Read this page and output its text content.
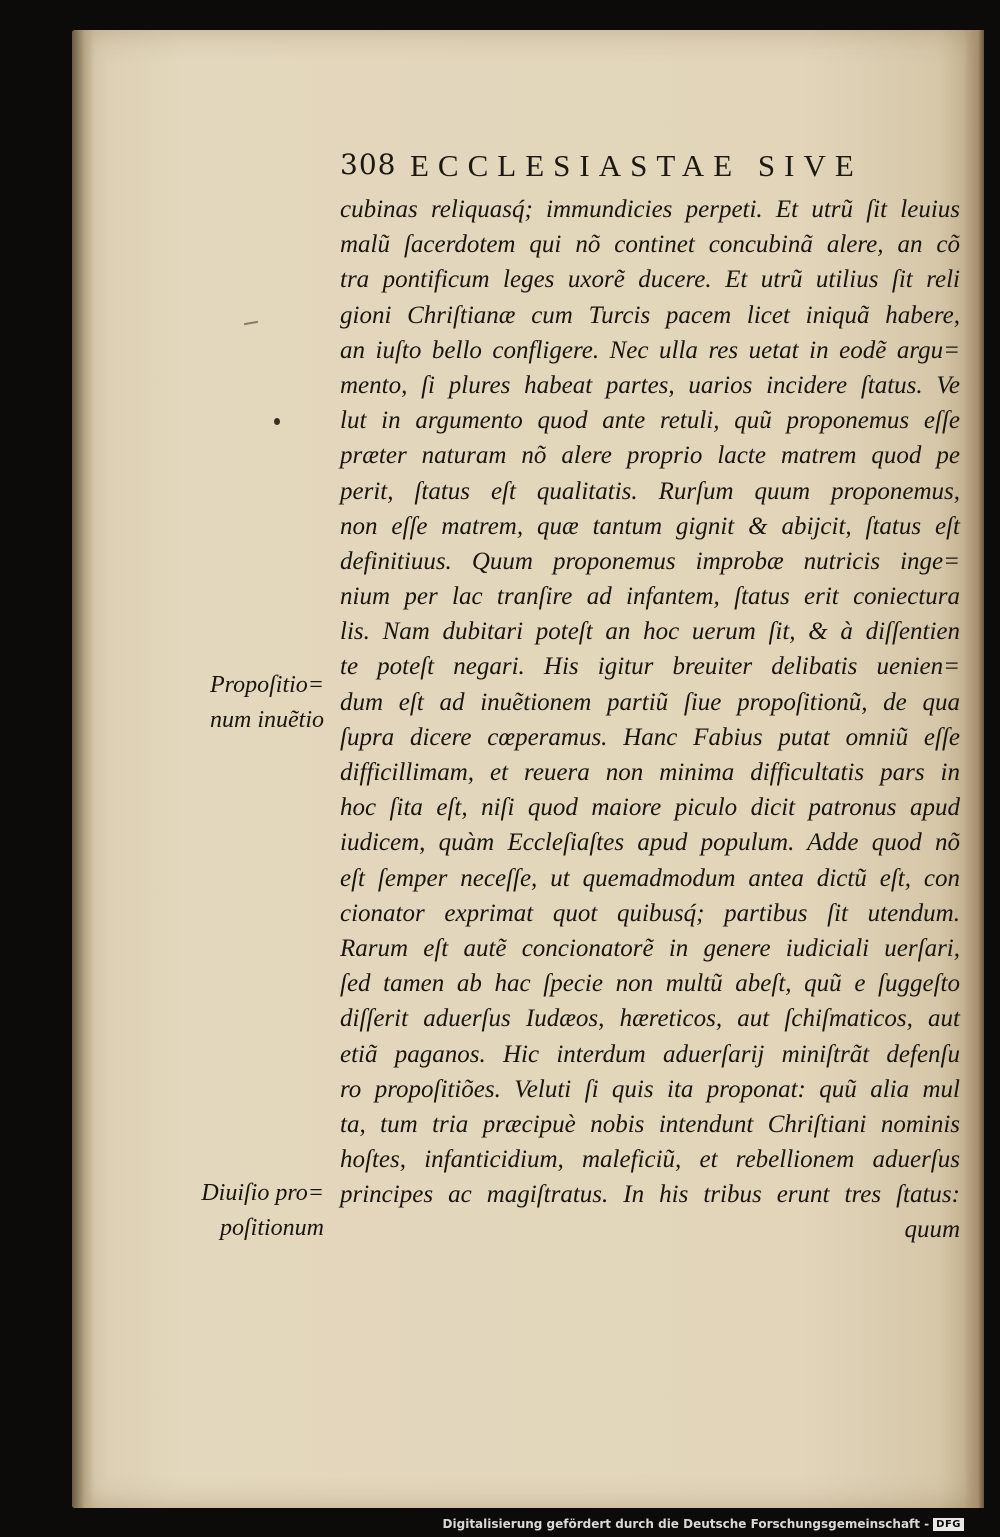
308 ECCLESIASTAE SIVE
Propoſitio=
num inuẽtio
Diuiſio pro=
poſitionum
cubinas reliquasq́; immundicies perpeti. Et utrũ ſit leuius
malũ ſacerdotem qui nõ continet concubinã alere, an cõ
tra pontificum leges uxorẽ ducere. Et utrũ utilius ſit reli
gioni Chriſtianæ cum Turcis pacem licet iniquã habere,
an iuſto bello confligere. Nec ulla res uetat in eodẽ argu=
mento, ſi plures habeat partes, uarios incidere ſtatus. Ve
lut in argumento quod ante retuli, quũ proponemus eſſe
præter naturam nõ alere proprio lacte matrem quod pe
perit, ſtatus eſt qualitatis. Rurſum quum proponemus,
non eſſe matrem, quæ tantum gignit & abijcit, ſtatus eſt
definitiuus. Quum proponemus improbæ nutricis inge=
nium per lac tranſire ad infantem, ſtatus erit coniectura
lis. Nam dubitari poteſt an hoc uerum ſit, & à diſſentien
te poteſt negari. His igitur breuiter delibatis uenien=
dum eſt ad inuẽtionem partiũ ſiue propoſitionũ, de qua
ſupra dicere cœperamus. Hanc Fabius putat omniũ eſſe
difficillimam, et reuera non minima difficultatis pars in
hoc ſita eſt, niſi quod maiore piculo dicit patronus apud
iudicem, quàm Eccleſiaſtes apud populum. Adde quod nõ
eſt ſemper neceſſe, ut quemadmodum antea dictũ eſt, con
cionator exprimat quot quibusq́; partibus ſit utendum.
Rarum eſt autẽ concionatorẽ in genere iudiciali uerſari,
ſed tamen ab hac ſpecie non multũ abeſt, quũ e ſuggeſto
diſſerit aduerſus Iudæos, hæreticos, aut ſchiſmaticos, aut
etiã paganos. Hic interdum aduerſarij miniſtrãt defenſu
ro propoſitiões. Veluti ſi quis ita proponat: quũ alia mul
ta, tum tria præcipuè nobis intendunt Chriſtiani nominis
hoſtes, infanticidium, maleficiũ, et rebellionem aduerſus
principes ac magiſtratus. In his tribus erunt tres ſtatus:
quum
Digitalisierung gefördert durch die Deutsche Forschungsgemeinschaft - DFG
